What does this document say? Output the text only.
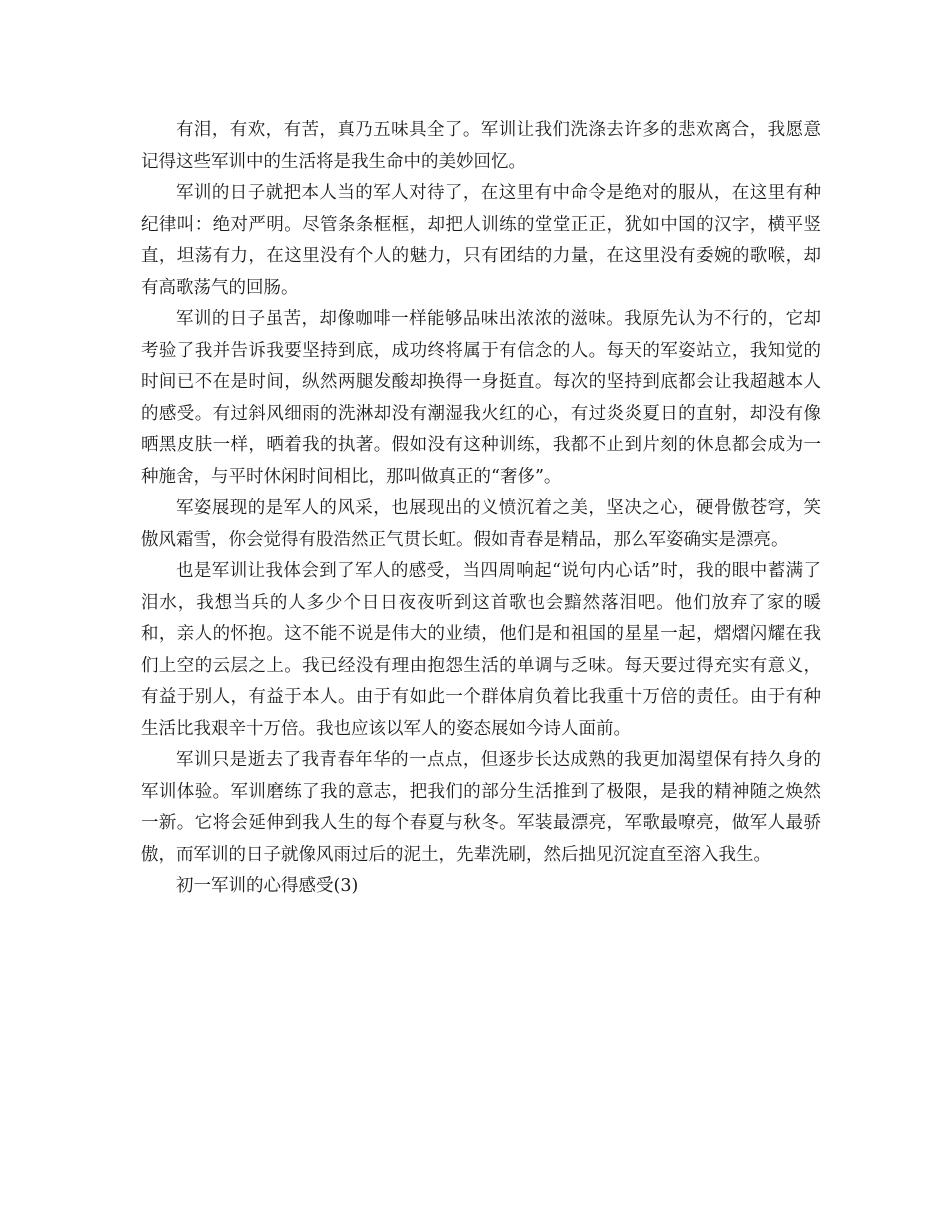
有泪，有欢，有苦，真乃五味具全了。军训让我们洗涤去许多的悲欢离合，我愿意记得这些军训中的生活将是我生命中的美妙回忆。

军训的日子就把本人当的军人对待了，在这里有中命令是绝对的服从，在这里有种纪律叫：绝对严明。尽管条条框框，却把人训练的堂堂正正，犹如中国的汉字，横平竖直，坦荡有力，在这里没有个人的魅力，只有团结的力量，在这里没有委婉的歌喉，却有高歌荡气的回肠。

军训的日子虽苦，却像咖啡一样能够品味出浓浓的滋味。我原先认为不行的，它却考验了我并告诉我要坚持到底，成功终将属于有信念的人。每天的军姿站立，我知觉的时间已不在是时间，纵然两腿发酸却换得一身挺直。每次的坚持到底都会让我超越本人的感受。有过斜风细雨的洗淋却没有潮湿我火红的心，有过炎炎夏日的直射，却没有像晒黑皮肤一样，晒着我的执著。假如没有这种训练，我都不止到片刻的休息都会成为一种施舍，与平时休闲时间相比，那叫做真正的“奢侈”。

军姿展现的是军人的风采，也展现出的义愤沉着之美，坚决之心，硬骨傲苍穹，笑傲风霜雪，你会觉得有股浩然正气贯长虹。假如青春是精品，那么军姿确实是漂亮。

也是军训让我体会到了军人的感受，当四周响起“说句内心话”时，我的眼中蓄满了泪水，我想当兵的人多少个日日夜夜听到这首歌也会黯然落泪吧。他们放弃了家的暖和，亲人的怀抱。这不能不说是伟大的业绩，他们是和祖国的星星一起，熠熠闪耀在我们上空的云层之上。我已经没有理由抱怨生活的单调与乏味。每天要过得充实有意义，有益于别人，有益于本人。由于有如此一个群体肩负着比我重十万倍的责任。由于有种生活比我艰辛十万倍。我也应该以军人的姿态展如今诗人面前。

军训只是逝去了我青春年华的一点点，但逐步长达成熟的我更加渴望保有持久身的军训体验。军训磨练了我的意志，把我们的部分生活推到了极限，是我的精神随之焕然一新。它将会延伸到我人生的每个春夏与秋冬。军装最漂亮，军歌最嘹亮，做军人最骄傲，而军训的日子就像风雨过后的泥土，先辈洗刷，然后拙见沉淀直至溶入我生。

初一军训的心得感受(3)
